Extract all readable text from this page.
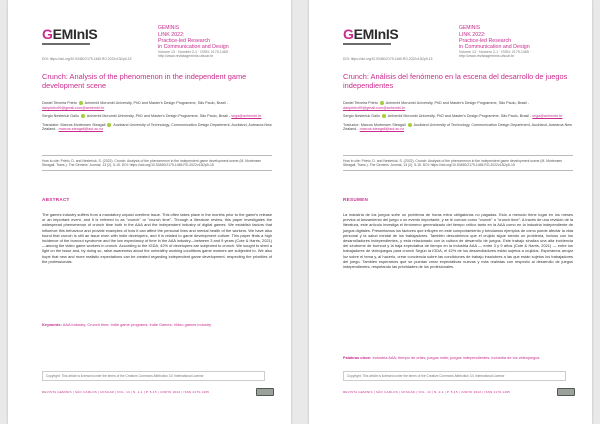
GEMInIS	GEMINIS
LINK 2022:
Practice-led Research
in Communication and Design
Volume 13 · Number 2-1 · ISSN: 2179-1465 · http://www.revistageminis.ufscar.br
DOI: https://doi.org/10.53450/2179-1465.RG.2022v13i2p5-15
Crunch: Analysis of the phenomenon in the independent game development scene

Daniel Teixeira Prieto Anhembi Morumbi University, PhD and Master's Design Programme, São Paulo, Brazil - danprieto99@gmail.com@anhembi.br

Sergio Nesteriuk Gallo Anhembi Morumbi University, PhD and Master's Design Programme, São Paulo, Brazil - snga@anhembi.br

Translator: Marcos Mortensen Steagall Auckland University of Technology, Communication Design Department, Auckland, Aotearoa New Zealand - marcos.steagall@aut.ac.nz

How to cite: Prieto, D. and Nesteriuk, S. (2022). Crunch: Analysis of the phenomenon in the independent game development scene (M. Mortensen Steagall, Trans.). The Geminis' Journal, 13 (2), 5-15. DOI: https://doi.org/10.53450/2179-1465.RG.2022v13i2p5-15
ABSTRACT
The games industry suffers from a mandatory unpaid overtime issue. This often takes place in the months prior to the game's release or an important event, and it is referred to as "crunch" or "crunch time". Through a literature review, this paper investigates the widespread phenomenon of crunch time both in the AAA and the independent industry of digital games. We establish factors that influence this behaviour and provide examples of how it can affect the personal lives and mental health of the workers. We have also found that crunch is still an issue even with indie developers, and it is related to game development culture. This paper finds a high incidence of the burnout syndrome and the low expectancy of time in the AAA industry—between 3 and 9 years (Cote & Harris, 2021)—among the video game workers in crunch. According to the IGDA, 42% of developers are subjected to crunch. We sought to shed a light on the issue and, by doing so, raise awareness about the unhealthy working conditions game workers are subjected to. We also hope that new and more realistic expectations can be created regarding independent game development, respecting the priorities of the professionals.
Keywords: AAA Industry; Crunch time; Indie game programs; Indie Games; Video games industry
Copyright: This article is licensed under the terms of the Creative Commons Attribution 3.0 International License
REVISTA GEMINIS | SÃO CARLOS | UFSCAR | VOL. 13 | N. 2-1 | P. 5-15 | JUNHO 2022 | ISSN 2179-1465
GEMInIS	GEMINIS
LINK 2022:
Practice-led Research
in Communication and Design
Volume 13 · Número 2-1 · ISSN: 2179-1465 · http://www.revistageminis.ufscar.br
DOI: https://doi.org/10.53450/2179-1465.RG.2022v13i2p5-15
Crunch: Análisis del fenómeno en la escena del desarrollo de juegos independientes

Daniel Teixeira Prieto Anhembi Morumbi University, PhD and Master's Design Programme, São Paulo, Brasil - danprieto99@gmail.com@anhembi.br

Sergio Nesteriuk Gallo Anhembi Morumbi University, PhD and Master's Design Programme, São Paulo, Brasil - snga@anhembi.br

Traductor: Marcos Mortensen Steagall Auckland University of Technology, Communication Design Department, Auckland, Aotearoa New Zealand - marcos.steagall@aut.ac.nz

How to cite: Prieto, D. and Nesteriuk, S. (2022). Crunch: Analysis of the phenomenon in the independent game development scene (M. Mortensen Steagall, Trans.). The Geminis' Journal, 13 (2), 5-15. DOI: https://doi.org/10.53450/2179-1465.RG.2022v13i2p5-15
RESUMEN
La industria de los juegos sufre un problema de horas extra obligatorias no pagadas. Esto a menudo tiene lugar en los meses previos al lanzamiento del juego o un evento importante, y se le conoce como "crunch" o "crunch time". A través de una revisión de la literatura, este artículo investiga el fenómeno generalizado del tiempo crítico tanto en la AAA como en la industria independiente de juegos digitales. Presentamos los factores que influyen en este comportamiento y brindamos ejemplos de cómo puede afectar la vida personal y la salud mental de los trabajadores. También descubrimos que el crujido sigue siendo un problema, incluso con los desarrolladores independientes, y está relacionado con la cultura de desarrollo de juegos. Este trabajo sinaliza una alta incidencia del síndrome de burnout y la baja expectativa de tiempo en la industria AAA — entre 3 y 9 años (Cote & Harris, 2021) — entre los trabajadores de videojuegos para crunch Según la IGDA, el 42% de los desarrolladores están sujetos a crujidos. Esperamos arrojar luz sobre el tema y, al hacerlo, crear conciencia sobre las condiciones de trabajo insalubres a las que están sujetos los trabajadores del juego. También esperamos que se puedan crear expectativas nuevas y más realistas con respecto al desarrollo de juegos independientes, respetando las prioridades de los profesionales.
Palabras clave: Industria AAA; tiempo de crisis; juegos indie; juegos independientes; industria de los videojuegos
Copyright: This article is licensed under the terms of the Creative Commons Attribution 3.0 International License
REVISTA GEMINIS | SÃO CARLOS | UFSCAR | VOL. 13 | N. 2-1 | P. 5-15 | JUNHO 2022 | ISSN 2179-1465
